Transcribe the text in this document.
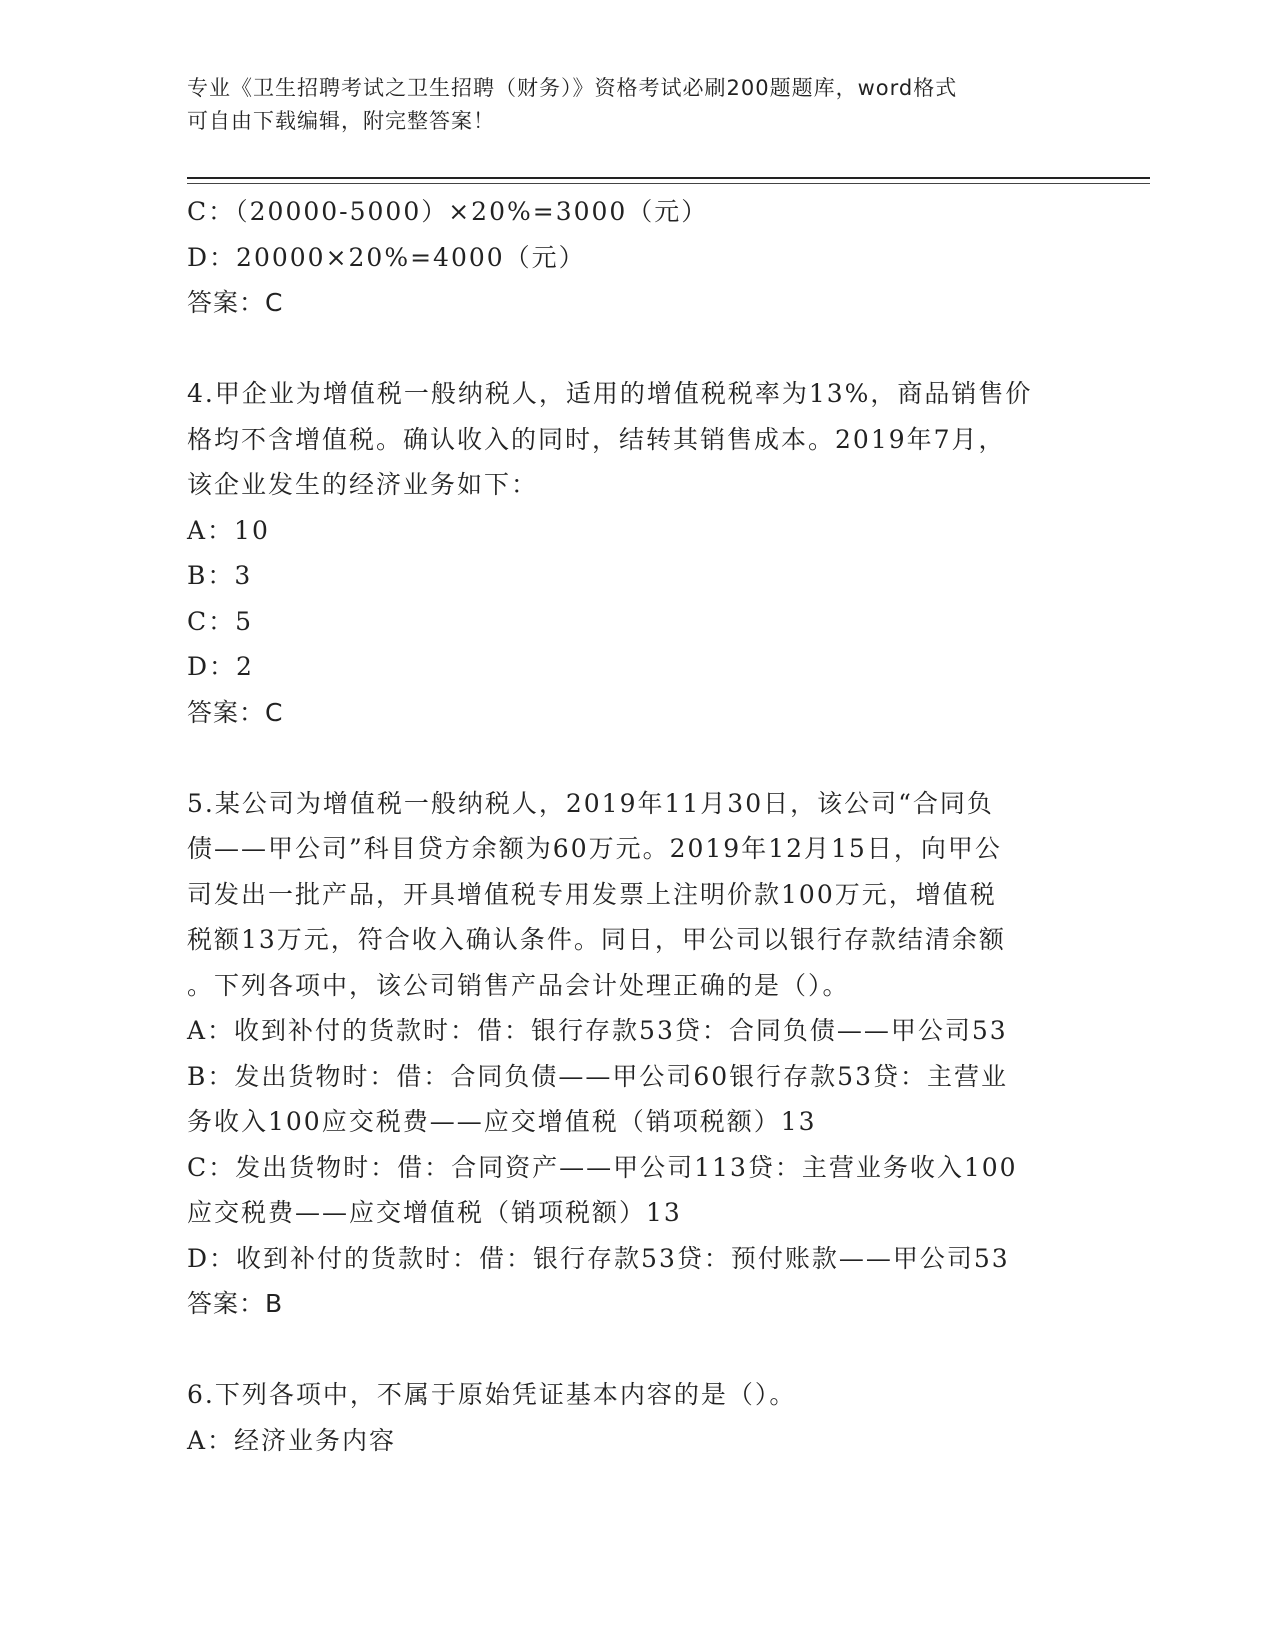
专业《卫生招聘考试之卫生招聘（财务）》资格考试必刷200题题库，word格式
可自由下载编辑，附完整答案！
C：（20000-5000）×20%=3000（元）
D：20000×20%=4000（元）
答案：C
4.甲企业为增值税一般纳税人，适用的增值税税率为13%，商品销售价
格均不含增值税。确认收入的同时，结转其销售成本。2019年7月，
该企业发生的经济业务如下：
A：10
B：3
C：5
D：2
答案：C
5.某公司为增值税一般纳税人，2019年11月30日，该公司“合同负
债——甲公司”科目贷方余额为60万元。2019年12月15日，向甲公
司发出一批产品，开具增值税专用发票上注明价款100万元，增值税
税额13万元，符合收入确认条件。同日，甲公司以银行存款结清余额
。下列各项中，该公司销售产品会计处理正确的是（）。
A：收到补付的货款时：借：银行存款53贷：合同负债——甲公司53
B：发出货物时：借：合同负债——甲公司60银行存款53贷：主营业
务收入100应交税费——应交增值税（销项税额）13
C：发出货物时：借：合同资产——甲公司113贷：主营业务收入100
应交税费——应交增值税（销项税额）13
D：收到补付的货款时：借：银行存款53贷：预付账款——甲公司53
答案：B
6.下列各项中，不属于原始凭证基本内容的是（）。
A：经济业务内容
